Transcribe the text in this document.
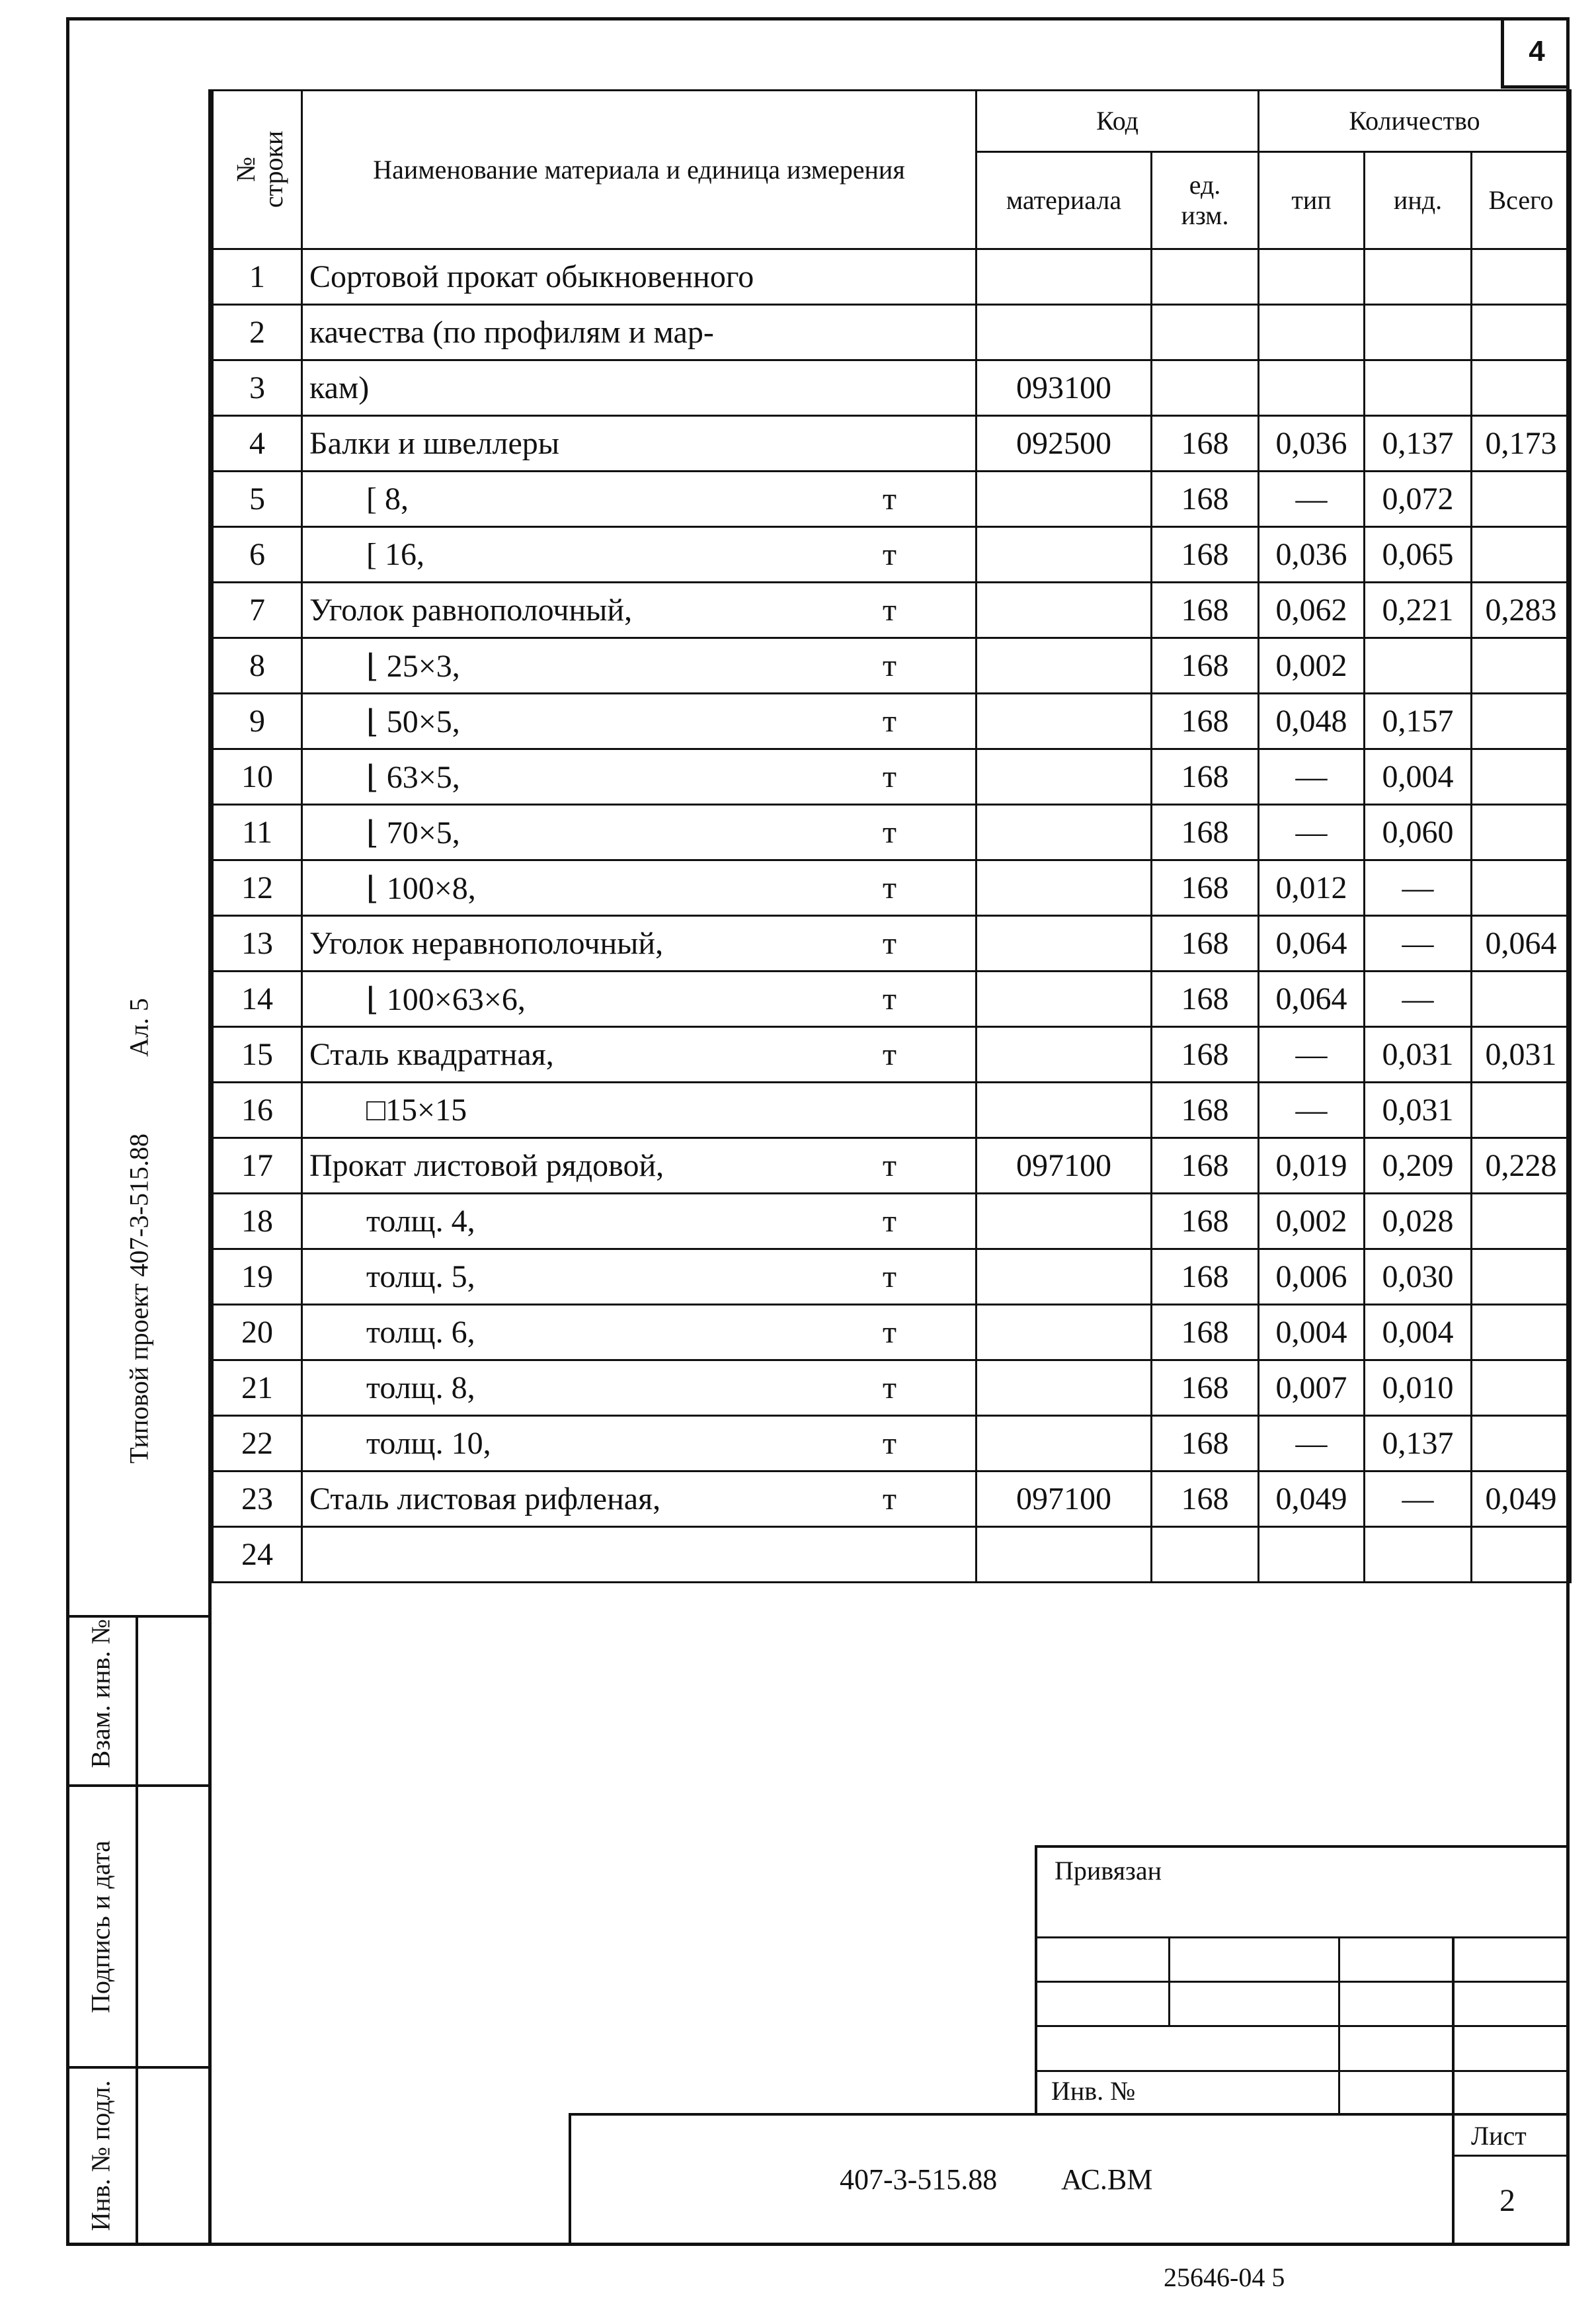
4
Ал. 5
Типовой проект 407-3-515.88
Взам. инв. №
Подпись и дата
Инв. № подл.
№ строки	Наименование материала и единица измерения	Код		Количество		
		материала	ед. изм.	тип	инд.	Всего
1	Сортовой прокат обыкновенного					

2	качества (по профилям и мар-					

3	кам)	093100				
4	Балки и швеллеры	092500	168	0,036	0,137	0,173
5	[ 8, т		168	—	0,072	
6	[ 16, т		168	0,036	0,065	
7	Уголок равнополочный, т		168	0,062	0,221	0,283
8	⌊ 25×3, т		168	0,002		
9	⌊ 50×5, т		168	0,048	0,157	
10	⌊ 63×5, т		168	—	0,004	
11	⌊ 70×5, т		168	—	0,060	
12	⌊ 100×8, т		168	0,012	—	
13	Уголок неравнополочный, т		168	0,064	—	0,064
14	⌊ 100×63×6, т		168	0,064	—	
15	Сталь квадратная, т		168	—	0,031	0,031
16	□15×15		168	—	0,031	
17	Прокат листовой рядовой, т	097100	168	0,019	0,209	0,228
18	толщ. 4, т		168	0,002	0,028	
19	толщ. 5, т		168	0,006	0,030	
20	толщ. 6, т		168	0,004	0,004	
21	толщ. 8, т		168	0,007	0,010	
22	толщ. 10, т		168	—	0,137	
23	Сталь листовая рифленая, т	097100	168	0,049	—	0,049
24	

Привязан
Инв. №
407-3-515.88 АС.ВМ
Лист
2
25646-04 5
